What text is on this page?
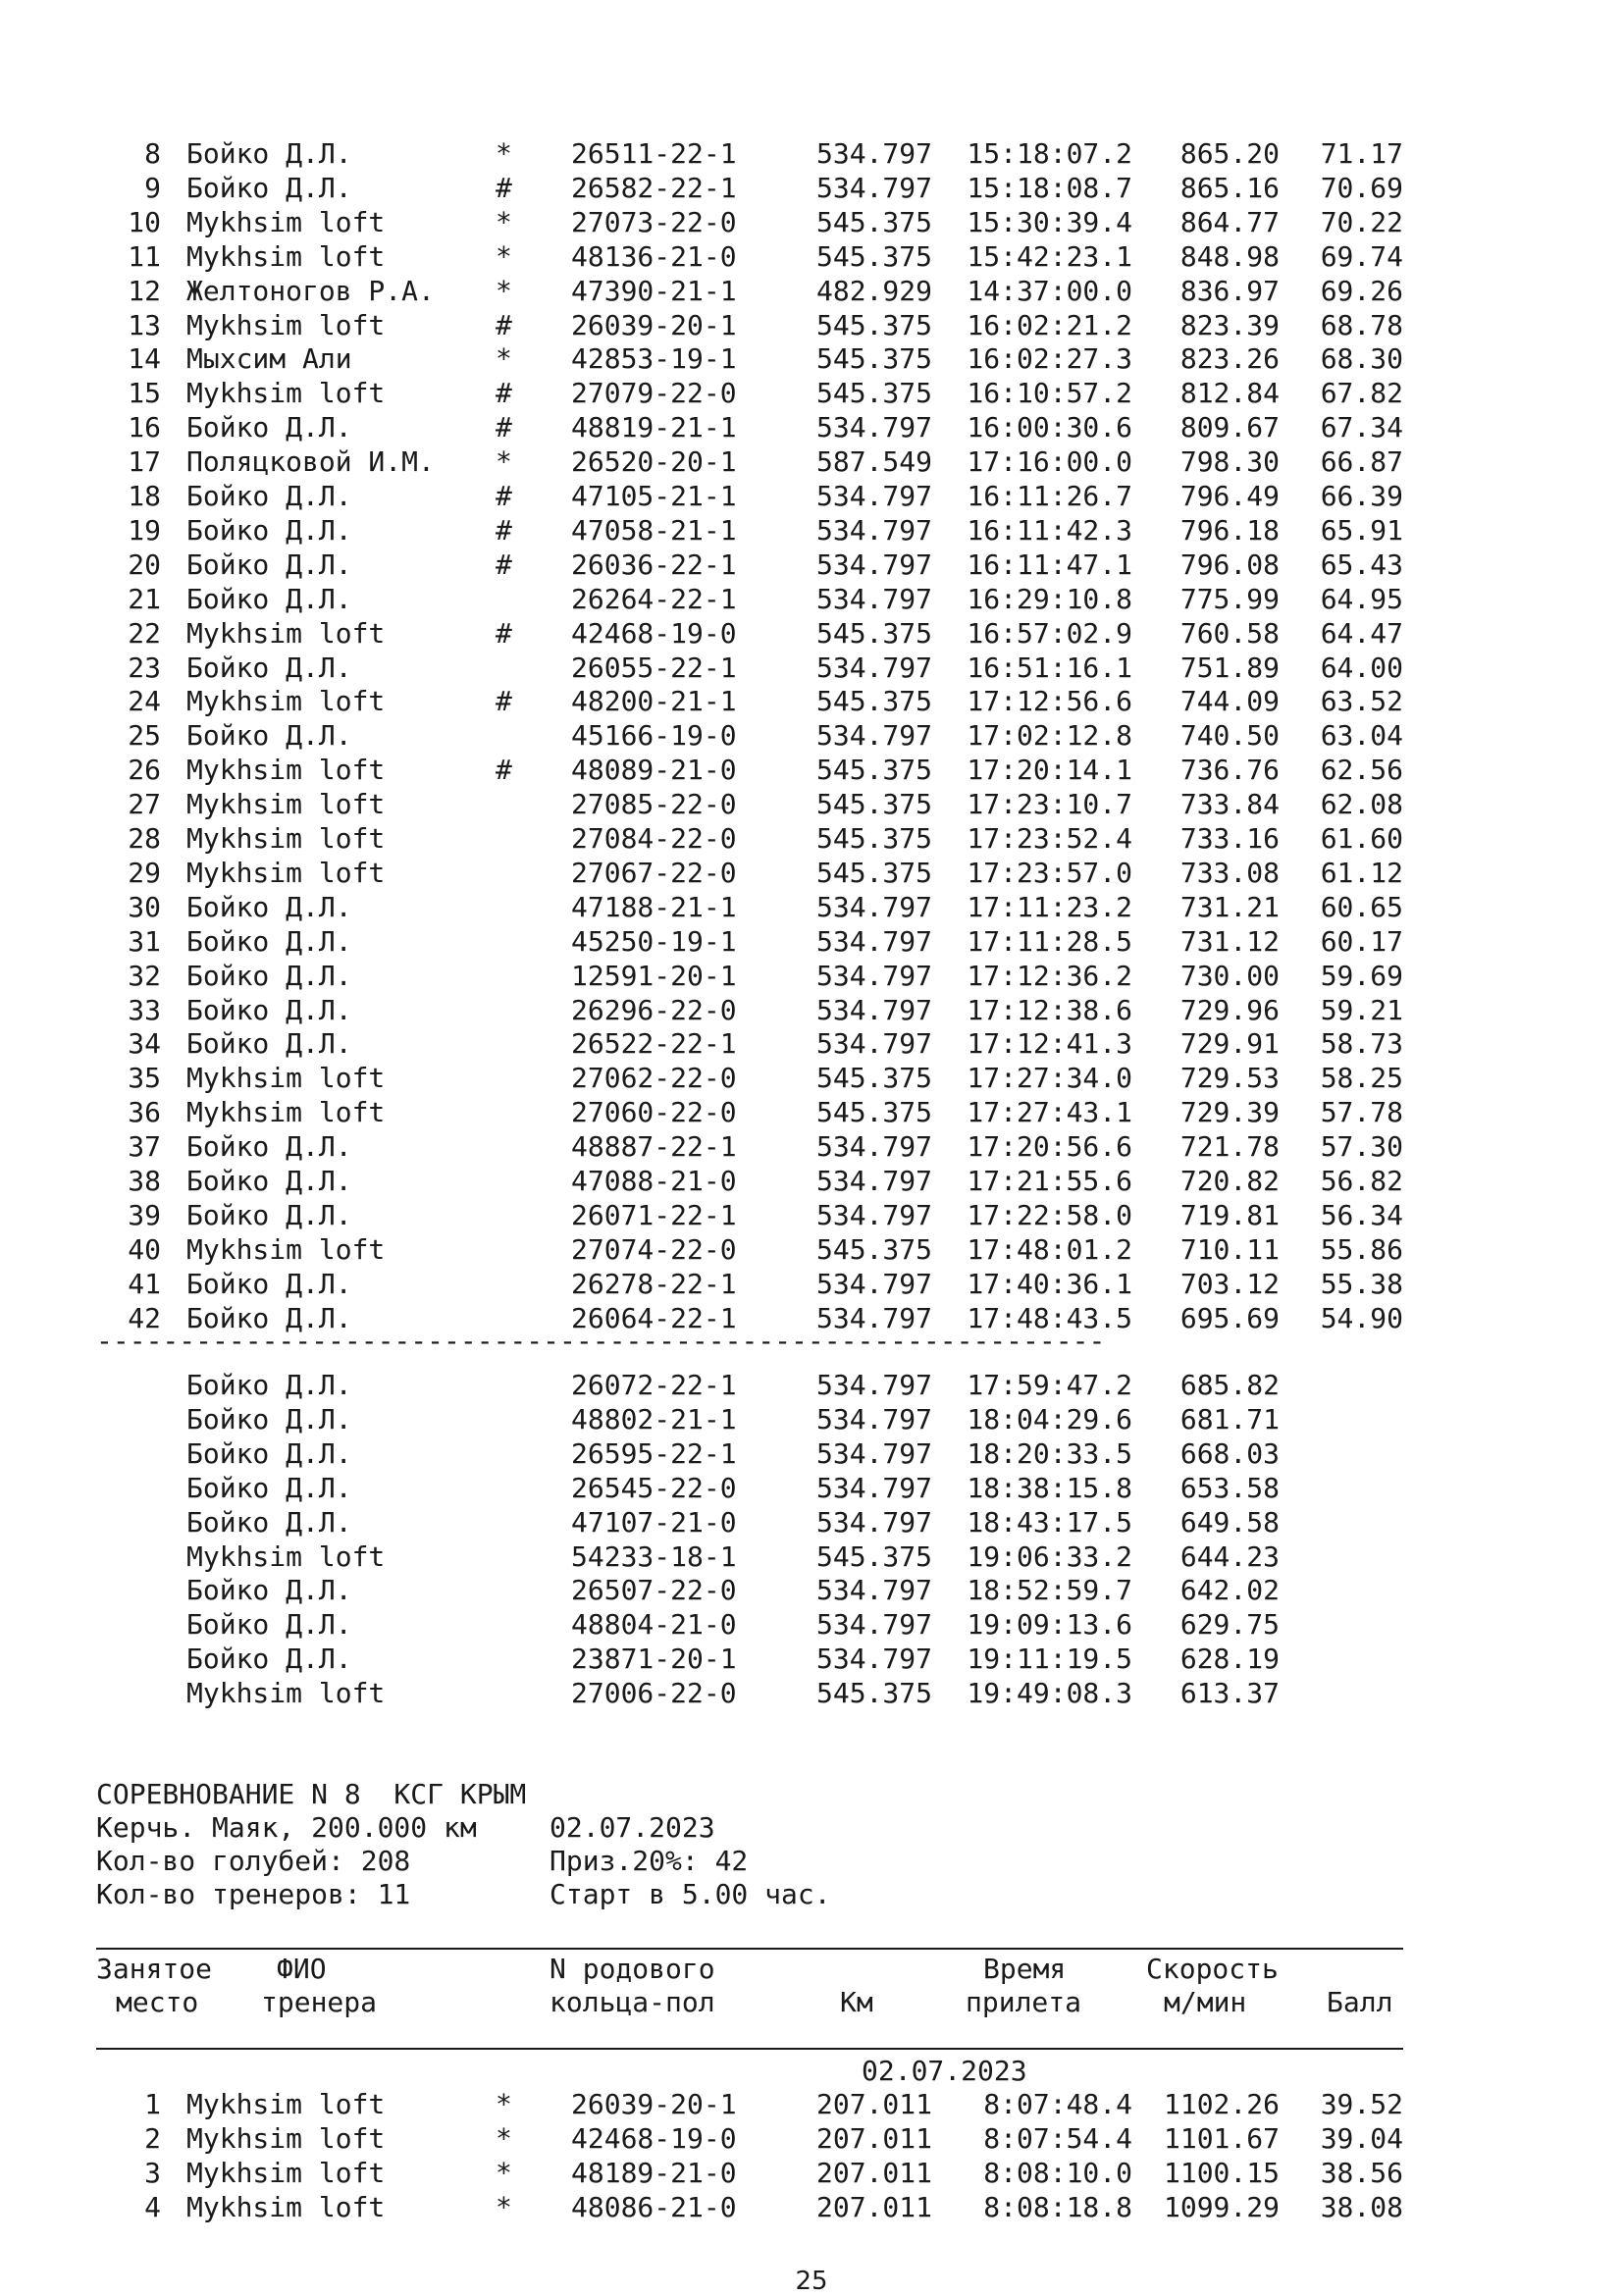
8 Бойко Д.Л.	* 26511-22-1	534.797	15:18:07.2	865.20	71.17
9 Бойко Д.Л.	# 26582-22-1	534.797	15:18:08.7	865.16	70.69
10 Mykhsim loft	* 27073-22-0	545.375	15:30:39.4	864.77	70.22
11 Mykhsim loft	* 48136-21-0	545.375	15:42:23.1	848.98	69.74
12 Желтоногов Р.А.	* 47390-21-1	482.929	14:37:00.0	836.97	69.26
13 Mykhsim loft	# 26039-20-1	545.375	16:02:21.2	823.39	68.78
14 Мыхсим Али	* 42853-19-1	545.375	16:02:27.3	823.26	68.30
15 Mykhsim loft	# 27079-22-0	545.375	16:10:57.2	812.84	67.82
16 Бойко Д.Л.	# 48819-21-1	534.797	16:00:30.6	809.67	67.34
17 Поляцковой И.М.	* 26520-20-1	587.549	17:16:00.0	798.30	66.87
18 Бойко Д.Л.	# 47105-21-1	534.797	16:11:26.7	796.49	66.39
19 Бойко Д.Л.	# 47058-21-1	534.797	16:11:42.3	796.18	65.91
20 Бойко Д.Л.	# 26036-22-1	534.797	16:11:47.1	796.08	65.43
21 Бойко Д.Л.	26264-22-1	534.797	16:29:10.8	775.99	64.95
22 Mykhsim loft	# 42468-19-0	545.375	16:57:02.9	760.58	64.47
23 Бойко Д.Л.	26055-22-1	534.797	16:51:16.1	751.89	64.00
24 Mykhsim loft	# 48200-21-1	545.375	17:12:56.6	744.09	63.52
25 Бойко Д.Л.	45166-19-0	534.797	17:02:12.8	740.50	63.04
26 Mykhsim loft	# 48089-21-0	545.375	17:20:14.1	736.76	62.56
27 Mykhsim loft	27085-22-0	545.375	17:23:10.7	733.84	62.08
28 Mykhsim loft	27084-22-0	545.375	17:23:52.4	733.16	61.60
29 Mykhsim loft	27067-22-0	545.375	17:23:57.0	733.08	61.12
30 Бойко Д.Л.	47188-21-1	534.797	17:11:23.2	731.21	60.65
31 Бойко Д.Л.	45250-19-1	534.797	17:11:28.5	731.12	60.17
32 Бойко Д.Л.	12591-20-1	534.797	17:12:36.2	730.00	59.69
33 Бойко Д.Л.	26296-22-0	534.797	17:12:38.6	729.96	59.21
34 Бойко Д.Л.	26522-22-1	534.797	17:12:41.3	729.91	58.73
35 Mykhsim loft	27062-22-0	545.375	17:27:34.0	729.53	58.25
36 Mykhsim loft	27060-22-0	545.375	17:27:43.1	729.39	57.78
37 Бойко Д.Л.	48887-22-1	534.797	17:20:56.6	721.78	57.30
38 Бойко Д.Л.	47088-21-0	534.797	17:21:55.6	720.82	56.82
39 Бойко Д.Л.	26071-22-1	534.797	17:22:58.0	719.81	56.34
40 Mykhsim loft	27074-22-0	545.375	17:48:01.2	710.11	55.86
41 Бойко Д.Л.	26278-22-1	534.797	17:40:36.1	703.12	55.38
42 Бойко Д.Л.	26064-22-1	534.797	17:48:43.5	695.69	54.90
-------------------------------------------------------------
Бойко Д.Л.	26072-22-1	534.797	17:59:47.2	685.82
Бойко Д.Л.	48802-21-1	534.797	18:04:29.6	681.71
Бойко Д.Л.	26595-22-1	534.797	18:20:33.5	668.03
Бойко Д.Л.	26545-22-0	534.797	18:38:15.8	653.58
Бойко Д.Л.	47107-21-0	534.797	18:43:17.5	649.58
Mykhsim loft	54233-18-1	545.375	19:06:33.2	644.23
Бойко Д.Л.	26507-22-0	534.797	18:52:59.7	642.02
Бойко Д.Л.	48804-21-0	534.797	19:09:13.6	629.75
Бойко Д.Л.	23871-20-1	534.797	19:11:19.5	628.19
Mykhsim loft	27006-22-0	545.375	19:49:08.3	613.37
СОРЕВНОВАНИЕ N 8  КСГ КРЫМ
Керчь. Маяк, 200.000 км	02.07.2023
Кол-во голубей: 208	Приз.20%: 42
Кол-во тренеров: 11	Старт в 5.00 час.
Занятое ФИО	N родового	Время	Скорость
место тренера	кольца-пол	Км	прилета	м/мин	Балл
02.07.2023
1 Mykhsim loft	* 26039-20-1	207.011	8:07:48.4	1102.26	39.52
2 Mykhsim loft	* 42468-19-0	207.011	8:07:54.4	1101.67	39.04
3 Mykhsim loft	* 48189-21-0	207.011	8:08:10.0	1100.15	38.56
4 Mykhsim loft	* 48086-21-0	207.011	8:08:18.8	1099.29	38.08
25
